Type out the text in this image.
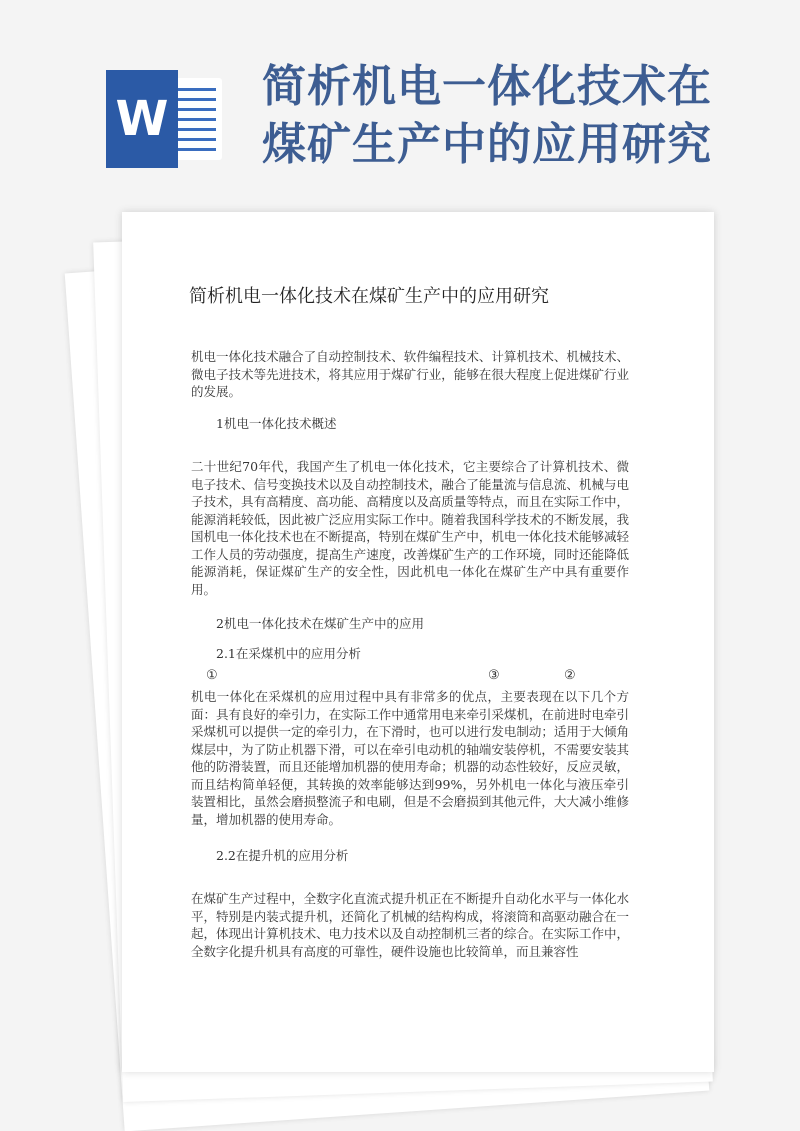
W
简析机电一体化技术在
煤矿生产中的应用研究
简析机电一体化技术在煤矿生产中的应用研究
机电一体化技术融合了自动控制技术、软件编程技术、计算机技术、机械技术、微电子技术等先进技术，将其应用于煤矿行业，能够在很大程度上促进煤矿行业的发展。
1机电一体化技术概述
二十世纪70年代，我国产生了机电一体化技术，它主要综合了计算机技术、微电子技术、信号变换技术以及自动控制技术，融合了能量流与信息流、机械与电子技术，具有高精度、高功能、高精度以及高质量等特点，而且在实际工作中，能源消耗较低，因此被广泛应用实际工作中。随着我国科学技术的不断发展，我国机电一体化技术也在不断提高，特别在煤矿生产中，机电一体化技术能够减轻工作人员的劳动强度，提高生产速度，改善煤矿生产的工作环境，同时还能降低能源消耗，保证煤矿生产的安全性，因此机电一体化在煤矿生产中具有重要作用。
2机电一体化技术在煤矿生产中的应用
2.1在采煤机中的应用分析
①	③	②
机电一体化在采煤机的应用过程中具有非常多的优点，主要表现在以下几个方面：具有良好的牵引力，在实际工作中通常用电来牵引采煤机，在前进时电牵引采煤机可以提供一定的牵引力，在下滑时，也可以进行发电制动；适用于大倾角煤层中，为了防止机器下滑，可以在牵引电动机的轴端安装停机，不需要安装其他的防滑装置，而且还能增加机器的使用寿命；机器的动态性较好，反应灵敏，而且结构简单轻便，其转换的效率能够达到99%，另外机电一体化与液压牵引装置相比，虽然会磨损整流子和电刷，但是不会磨损到其他元件，大大减小维修量，增加机器的使用寿命。
2.2在提升机的应用分析
在煤矿生产过程中，全数字化直流式提升机正在不断提升自动化水平与一体化水平，特别是内装式提升机，还简化了机械的结构构成，将滚筒和高驱动融合在一起，体现出计算机技术、电力技术以及自动控制机三者的综合。在实际工作中，全数字化提升机具有高度的可靠性，硬件设施也比较简单，而且兼容性
